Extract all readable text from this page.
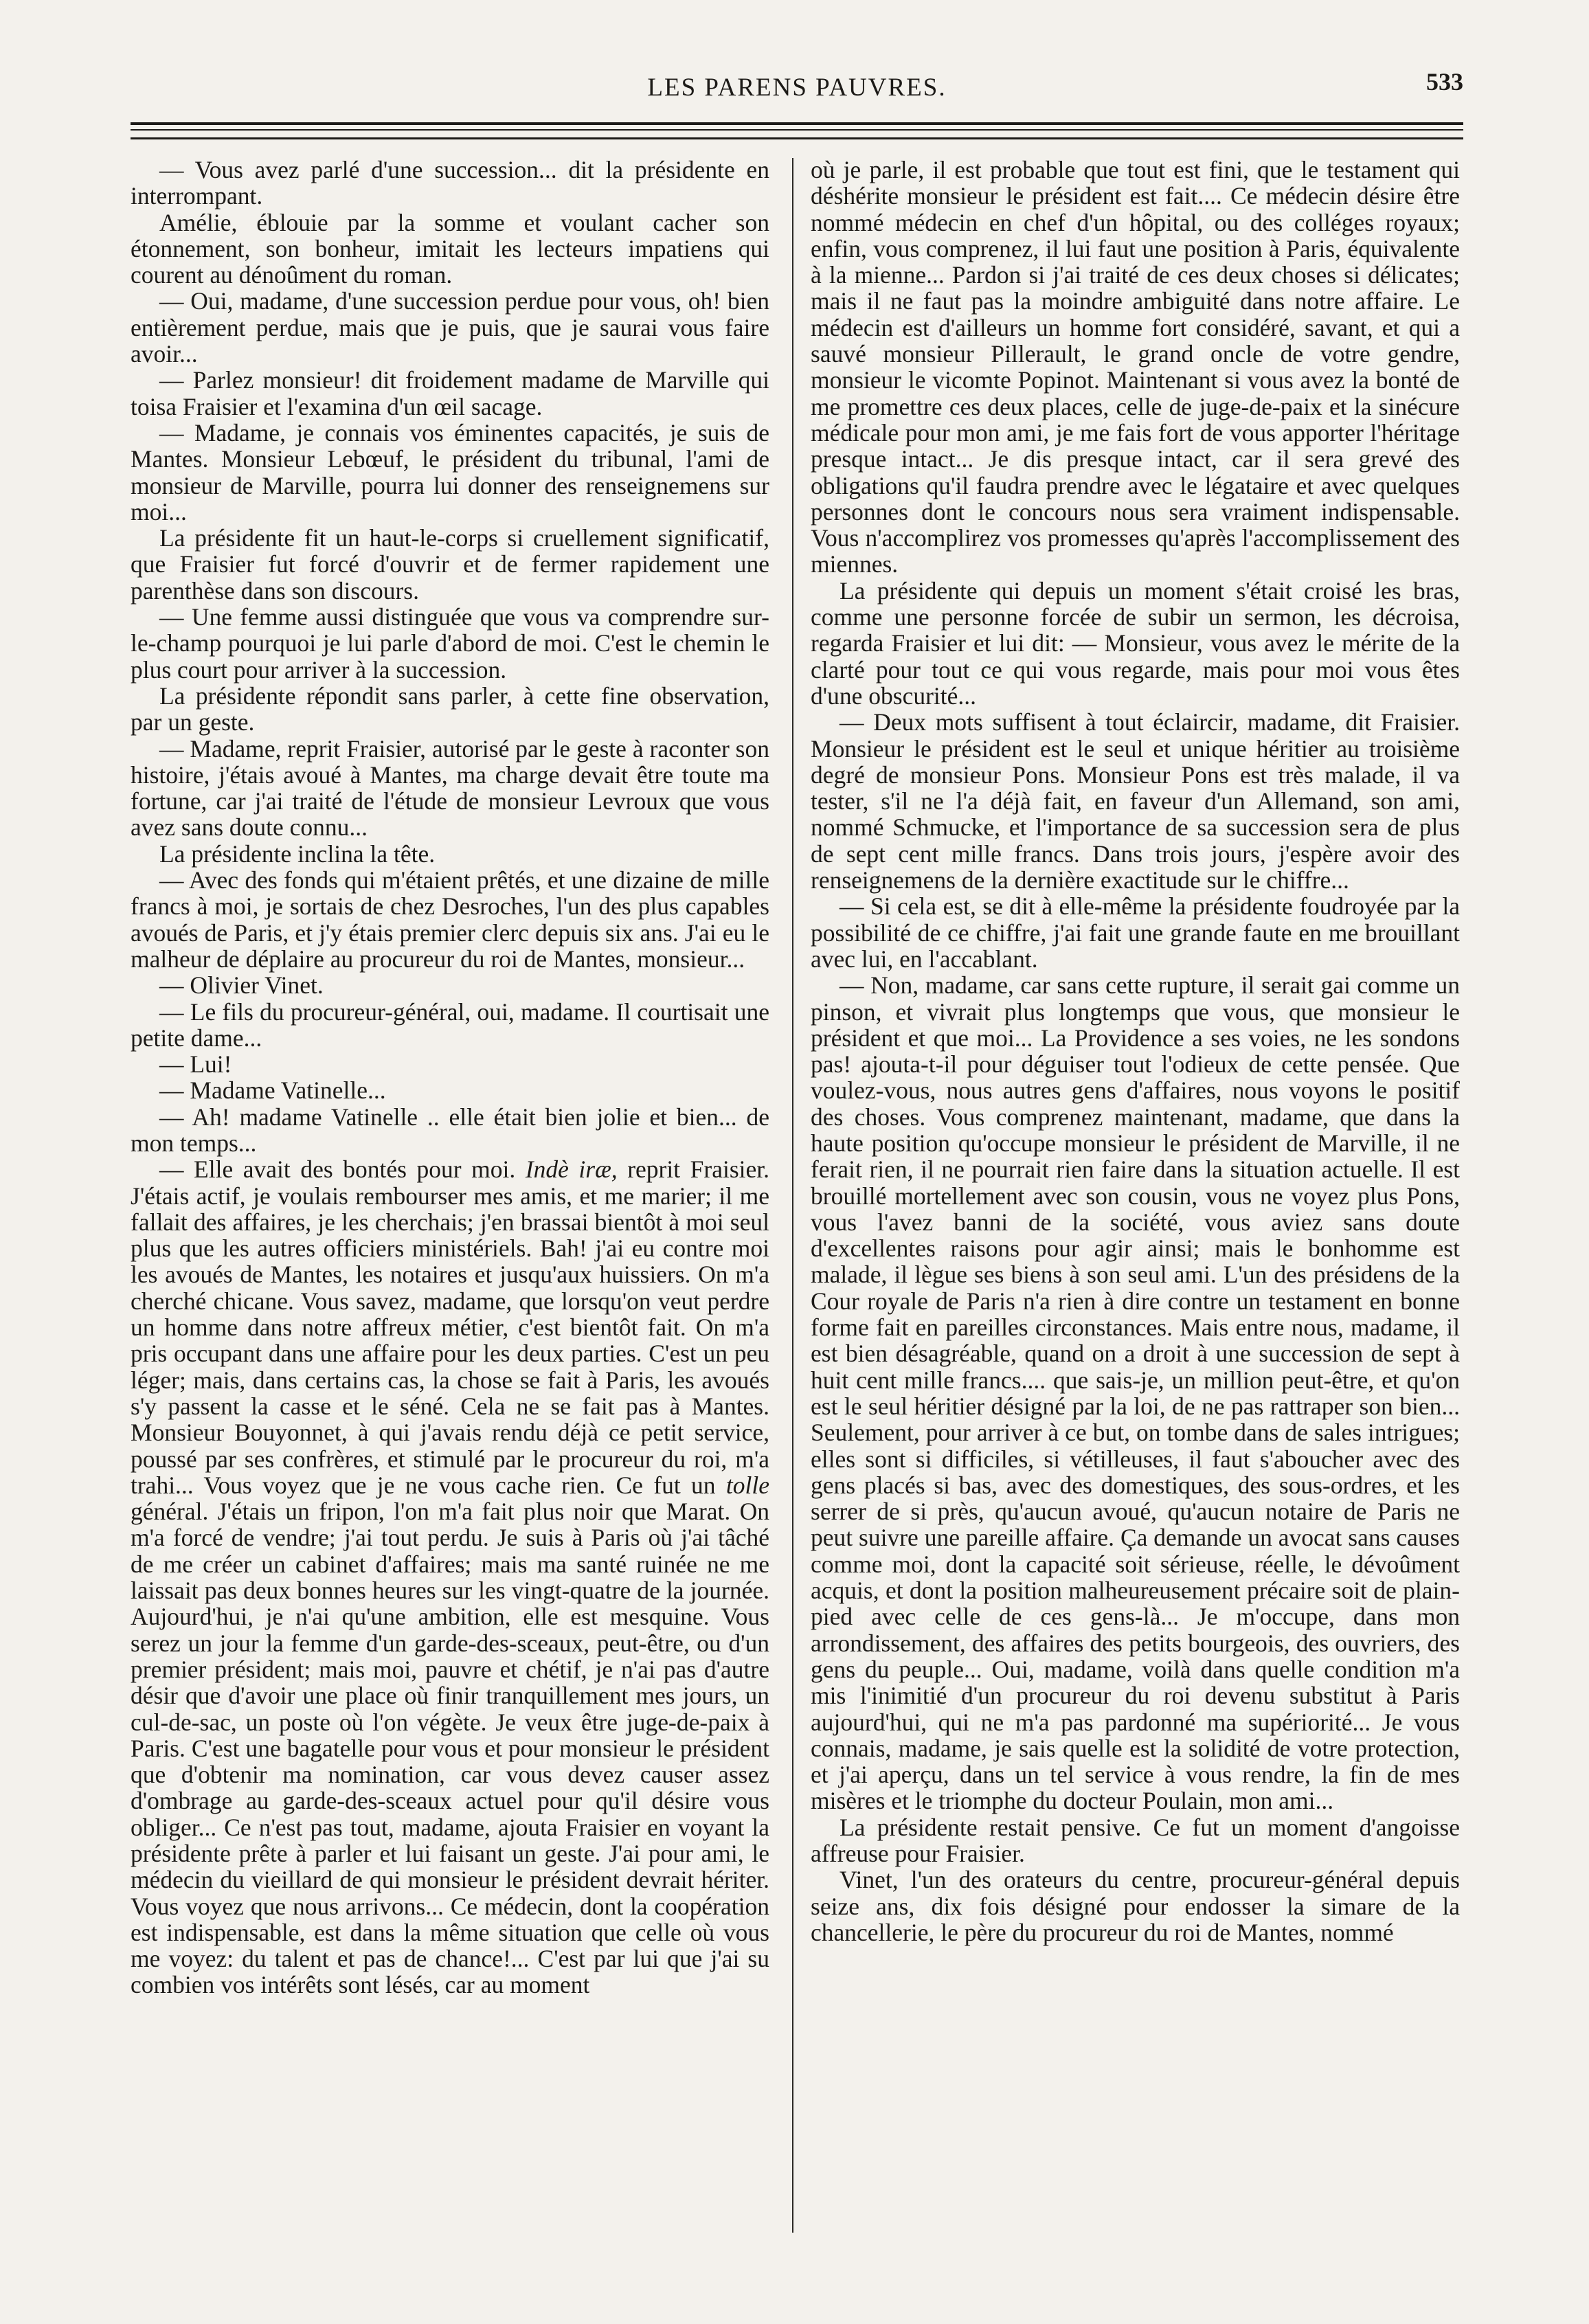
LES PARENS PAUVRES.	533

— Vous avez parlé d'une succession... dit la présidente en interrompant.

Amélie, éblouie par la somme et voulant cacher son étonnement, son bonheur, imitait les lecteurs impatiens qui courent au dénoûment du roman.

— Oui, madame, d'une succession perdue pour vous, oh! bien entièrement perdue, mais que je puis, que je saurai vous faire avoir...

— Parlez monsieur! dit froidement madame de Marville qui toisa Fraisier et l'examina d'un œil sacage.

— Madame, je connais vos éminentes capacités, je suis de Mantes. Monsieur Lebœuf, le président du tribunal, l'ami de monsieur de Marville, pourra lui donner des renseignemens sur moi...

La présidente fit un haut-le-corps si cruellement significatif, que Fraisier fut forcé d'ouvrir et de fermer rapidement une parenthèse dans son discours.

— Une femme aussi distinguée que vous va comprendre sur-le-champ pourquoi je lui parle d'abord de moi. C'est le chemin le plus court pour arriver à la succession.

La présidente répondit sans parler, à cette fine observation, par un geste.

— Madame, reprit Fraisier, autorisé par le geste à raconter son histoire, j'étais avoué à Mantes, ma charge devait être toute ma fortune, car j'ai traité de l'étude de monsieur Levroux que vous avez sans doute connu...

La présidente inclina la tête.

— Avec des fonds qui m'étaient prêtés, et une dizaine de mille francs à moi, je sortais de chez Desroches, l'un des plus capables avoués de Paris, et j'y étais premier clerc depuis six ans. J'ai eu le malheur de déplaire au procureur du roi de Mantes, monsieur...

— Olivier Vinet.

— Le fils du procureur-général, oui, madame. Il courtisait une petite dame...

— Lui!

— Madame Vatinelle...

— Ah! madame Vatinelle .. elle était bien jolie et bien... de mon temps...

— Elle avait des bontés pour moi. Indè iræ, reprit Fraisier. J'étais actif, je voulais rembourser mes amis, et me marier; il me fallait des affaires, je les cherchais; j'en brassai bientôt à moi seul plus que les autres officiers ministériels. Bah! j'ai eu contre moi les avoués de Mantes, les notaires et jusqu'aux huissiers. On m'a cherché chicane. Vous savez, madame, que lorsqu'on veut perdre un homme dans notre affreux métier, c'est bientôt fait. On m'a pris occupant dans une affaire pour les deux parties. C'est un peu léger; mais, dans certains cas, la chose se fait à Paris, les avoués s'y passent la casse et le séné. Cela ne se fait pas à Mantes. Monsieur Bouyonnet, à qui j'avais rendu déjà ce petit service, poussé par ses confrères, et stimulé par le procureur du roi, m'a trahi... Vous voyez que je ne vous cache rien. Ce fut un tolle général. J'étais un fripon, l'on m'a fait plus noir que Marat. On m'a forcé de vendre; j'ai tout perdu. Je suis à Paris où j'ai tâché de me créer un cabinet d'affaires; mais ma santé ruinée ne me laissait pas deux bonnes heures sur les vingt-quatre de la journée. Aujourd'hui, je n'ai qu'une ambition, elle est mesquine. Vous serez un jour la femme d'un garde-des-sceaux, peut-être, ou d'un premier président; mais moi, pauvre et chétif, je n'ai pas d'autre désir que d'avoir une place où finir tranquillement mes jours, un cul-de-sac, un poste où l'on végète. Je veux être juge-de-paix à Paris. C'est une bagatelle pour vous et pour monsieur le président que d'obtenir ma nomination, car vous devez causer assez d'ombrage au garde-des-sceaux actuel pour qu'il désire vous obliger... Ce n'est pas tout, madame, ajouta Fraisier en voyant la présidente prête à parler et lui faisant un geste. J'ai pour ami, le médecin du vieillard de qui monsieur le président devrait hériter. Vous voyez que nous arrivons... Ce médecin, dont la coopération est indispensable, est dans la même situation que celle où vous me voyez: du talent et pas de chance!... C'est par lui que j'ai su combien vos intérêts sont lésés, car au moment

où je parle, il est probable que tout est fini, que le testament qui déshérite monsieur le président est fait.... Ce médecin désire être nommé médecin en chef d'un hôpital, ou des colléges royaux; enfin, vous comprenez, il lui faut une position à Paris, équivalente à la mienne... Pardon si j'ai traité de ces deux choses si délicates; mais il ne faut pas la moindre ambiguité dans notre affaire. Le médecin est d'ailleurs un homme fort considéré, savant, et qui a sauvé monsieur Pillerault, le grand oncle de votre gendre, monsieur le vicomte Popinot. Maintenant si vous avez la bonté de me promettre ces deux places, celle de juge-de-paix et la sinécure médicale pour mon ami, je me fais fort de vous apporter l'héritage presque intact... Je dis presque intact, car il sera grevé des obligations qu'il faudra prendre avec le légataire et avec quelques personnes dont le concours nous sera vraiment indispensable. Vous n'accomplirez vos promesses qu'après l'accomplissement des miennes.

La présidente qui depuis un moment s'était croisé les bras, comme une personne forcée de subir un sermon, les décroisa, regarda Fraisier et lui dit: — Monsieur, vous avez le mérite de la clarté pour tout ce qui vous regarde, mais pour moi vous êtes d'une obscurité...

— Deux mots suffisent à tout éclaircir, madame, dit Fraisier. Monsieur le président est le seul et unique héritier au troisième degré de monsieur Pons. Monsieur Pons est très malade, il va tester, s'il ne l'a déjà fait, en faveur d'un Allemand, son ami, nommé Schmucke, et l'importance de sa succession sera de plus de sept cent mille francs. Dans trois jours, j'espère avoir des renseignemens de la dernière exactitude sur le chiffre...

— Si cela est, se dit à elle-même la présidente foudroyée par la possibilité de ce chiffre, j'ai fait une grande faute en me brouillant avec lui, en l'accablant.

— Non, madame, car sans cette rupture, il serait gai comme un pinson, et vivrait plus longtemps que vous, que monsieur le président et que moi... La Providence a ses voies, ne les sondons pas! ajouta-t-il pour déguiser tout l'odieux de cette pensée. Que voulez-vous, nous autres gens d'affaires, nous voyons le positif des choses. Vous comprenez maintenant, madame, que dans la haute position qu'occupe monsieur le président de Marville, il ne ferait rien, il ne pourrait rien faire dans la situation actuelle. Il est brouillé mortellement avec son cousin, vous ne voyez plus Pons, vous l'avez banni de la société, vous aviez sans doute d'excellentes raisons pour agir ainsi; mais le bonhomme est malade, il lègue ses biens à son seul ami. L'un des présidens de la Cour royale de Paris n'a rien à dire contre un testament en bonne forme fait en pareilles circonstances. Mais entre nous, madame, il est bien désagréable, quand on a droit à une succession de sept à huit cent mille francs.... que sais-je, un million peut-être, et qu'on est le seul héritier désigné par la loi, de ne pas rattraper son bien... Seulement, pour arriver à ce but, on tombe dans de sales intrigues; elles sont si difficiles, si vétilleuses, il faut s'aboucher avec des gens placés si bas, avec des domestiques, des sous-ordres, et les serrer de si près, qu'aucun avoué, qu'aucun notaire de Paris ne peut suivre une pareille affaire. Ça demande un avocat sans causes comme moi, dont la capacité soit sérieuse, réelle, le dévoûment acquis, et dont la position malheureusement précaire soit de plain-pied avec celle de ces gens-là... Je m'occupe, dans mon arrondissement, des affaires des petits bourgeois, des ouvriers, des gens du peuple... Oui, madame, voilà dans quelle condition m'a mis l'inimitié d'un procureur du roi devenu substitut à Paris aujourd'hui, qui ne m'a pas pardonné ma supériorité... Je vous connais, madame, je sais quelle est la solidité de votre protection, et j'ai aperçu, dans un tel service à vous rendre, la fin de mes misères et le triomphe du docteur Poulain, mon ami...

La présidente restait pensive. Ce fut un moment d'angoisse affreuse pour Fraisier.

Vinet, l'un des orateurs du centre, procureur-général depuis seize ans, dix fois désigné pour endosser la simare de la chancellerie, le père du procureur du roi de Mantes, nommé
